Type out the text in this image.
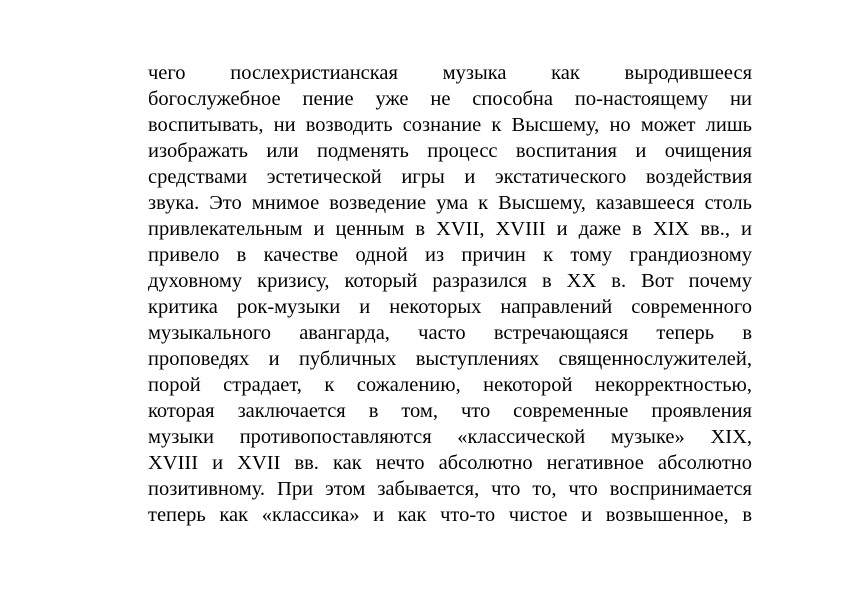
чего послехристианская музыка как выродившееся
богослужебное пение уже не способна по-настоящему ни
воспитывать, ни возводить сознание к Высшему, но может лишь
изображать или подменять процесс воспитания и очищения
средствами эстетической игры и экстатического воздействия
звука. Это мнимое возведение ума к Высшему, казавшееся столь
привлекательным и ценным в XVII, XVIII и даже в XIX вв., и
привело в качестве одной из причин к тому грандиозному
духовному кризису, который разразился в XX в. Вот почему
критика рок-музыки и некоторых направлений современного
музыкального авангарда, часто встречающаяся теперь в
проповедях и публичных выступлениях священнослужителей,
порой страдает, к сожалению, некоторой некорректностью,
которая заключается в том, что современные проявления
музыки противопоставляются «классической музыке» XIX,
XVIII и XVII вв. как нечто абсолютно негативное абсолютно
позитивному. При этом забывается, что то, что воспринимается
теперь как «классика» и как что-то чистое и возвышенное, в
